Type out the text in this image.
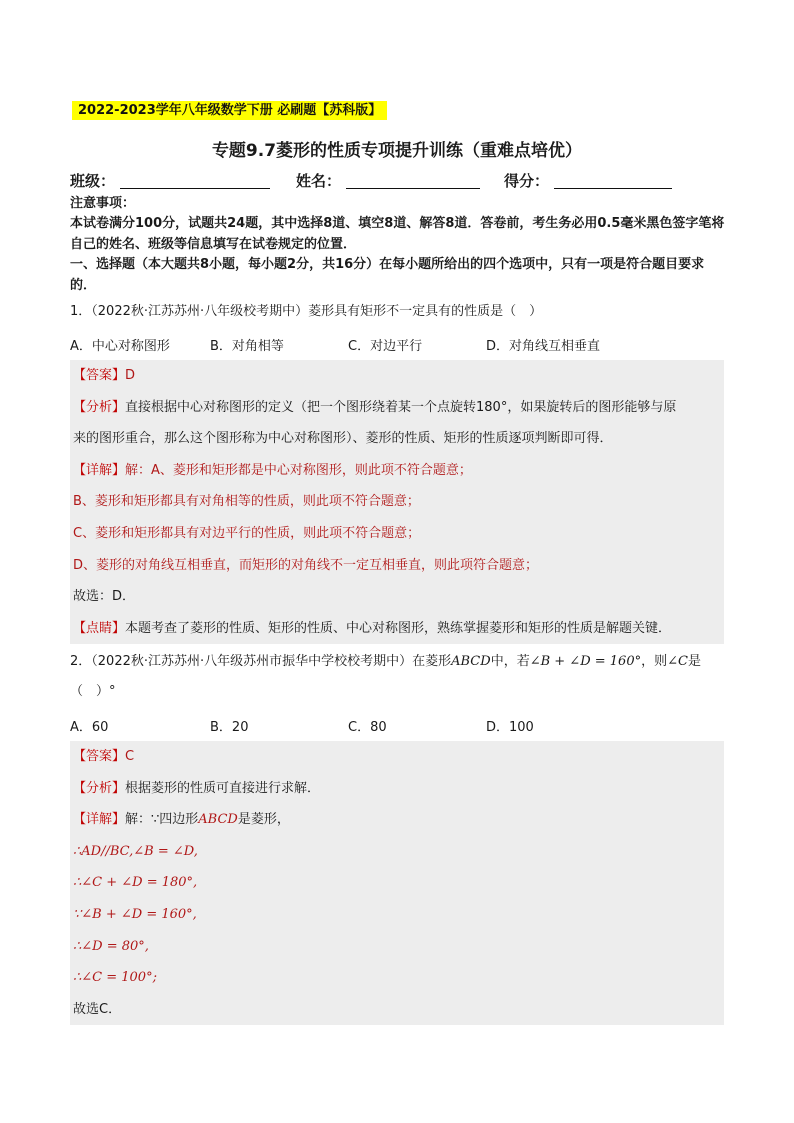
2022-2023学年八年级数学下册 必刷题【苏科版】
专题9.7菱形的性质专项提升训练（重难点培优）
班级：	姓名：	得分：
注意事项：
本试卷满分100分，试题共24题，其中选择8道、填空8道、解答8道．答卷前，考生务必用0.5毫米黑色签字笔将自己的姓名、班级等信息填写在试卷规定的位置．
一、选择题（本大题共8小题，每小题2分，共16分）在每小题所给出的四个选项中，只有一项是符合题目要求的．
1．（2022秋·江苏苏州·八年级校考期中）菱形具有矩形不一定具有的性质是（　）
A．中心对称图形	B．对角相等	C．对边平行	D．对角线互相垂直
【答案】D
【分析】直接根据中心对称图形的定义（把一个图形绕着某一个点旋转180°，如果旋转后的图形能够与原
来的图形重合，那么这个图形称为中心对称图形）、菱形的性质、矩形的性质逐项判断即可得．
【详解】解：A、菱形和矩形都是中心对称图形，则此项不符合题意；
B、菱形和矩形都具有对角相等的性质，则此项不符合题意；
C、菱形和矩形都具有对边平行的性质，则此项不符合题意；
D、菱形的对角线互相垂直，而矩形的对角线不一定互相垂直，则此项符合题意；
故选：D．
【点睛】本题考查了菱形的性质、矩形的性质、中心对称图形，熟练掌握菱形和矩形的性质是解题关键．
2．（2022秋·江苏苏州·八年级苏州市振华中学校校考期中）在菱形ABCD中，若∠B + ∠D = 160°，则∠C是
（　）°
A．60	B．20	C．80	D．100
【答案】C
【分析】根据菱形的性质可直接进行求解．
【详解】解：∵四边形ABCD是菱形，
∴AD//BC,∠B = ∠D,
∴∠C + ∠D = 180°,
∵∠B + ∠D = 160°,
∴∠D = 80°,
∴∠C = 100°;
故选C．
